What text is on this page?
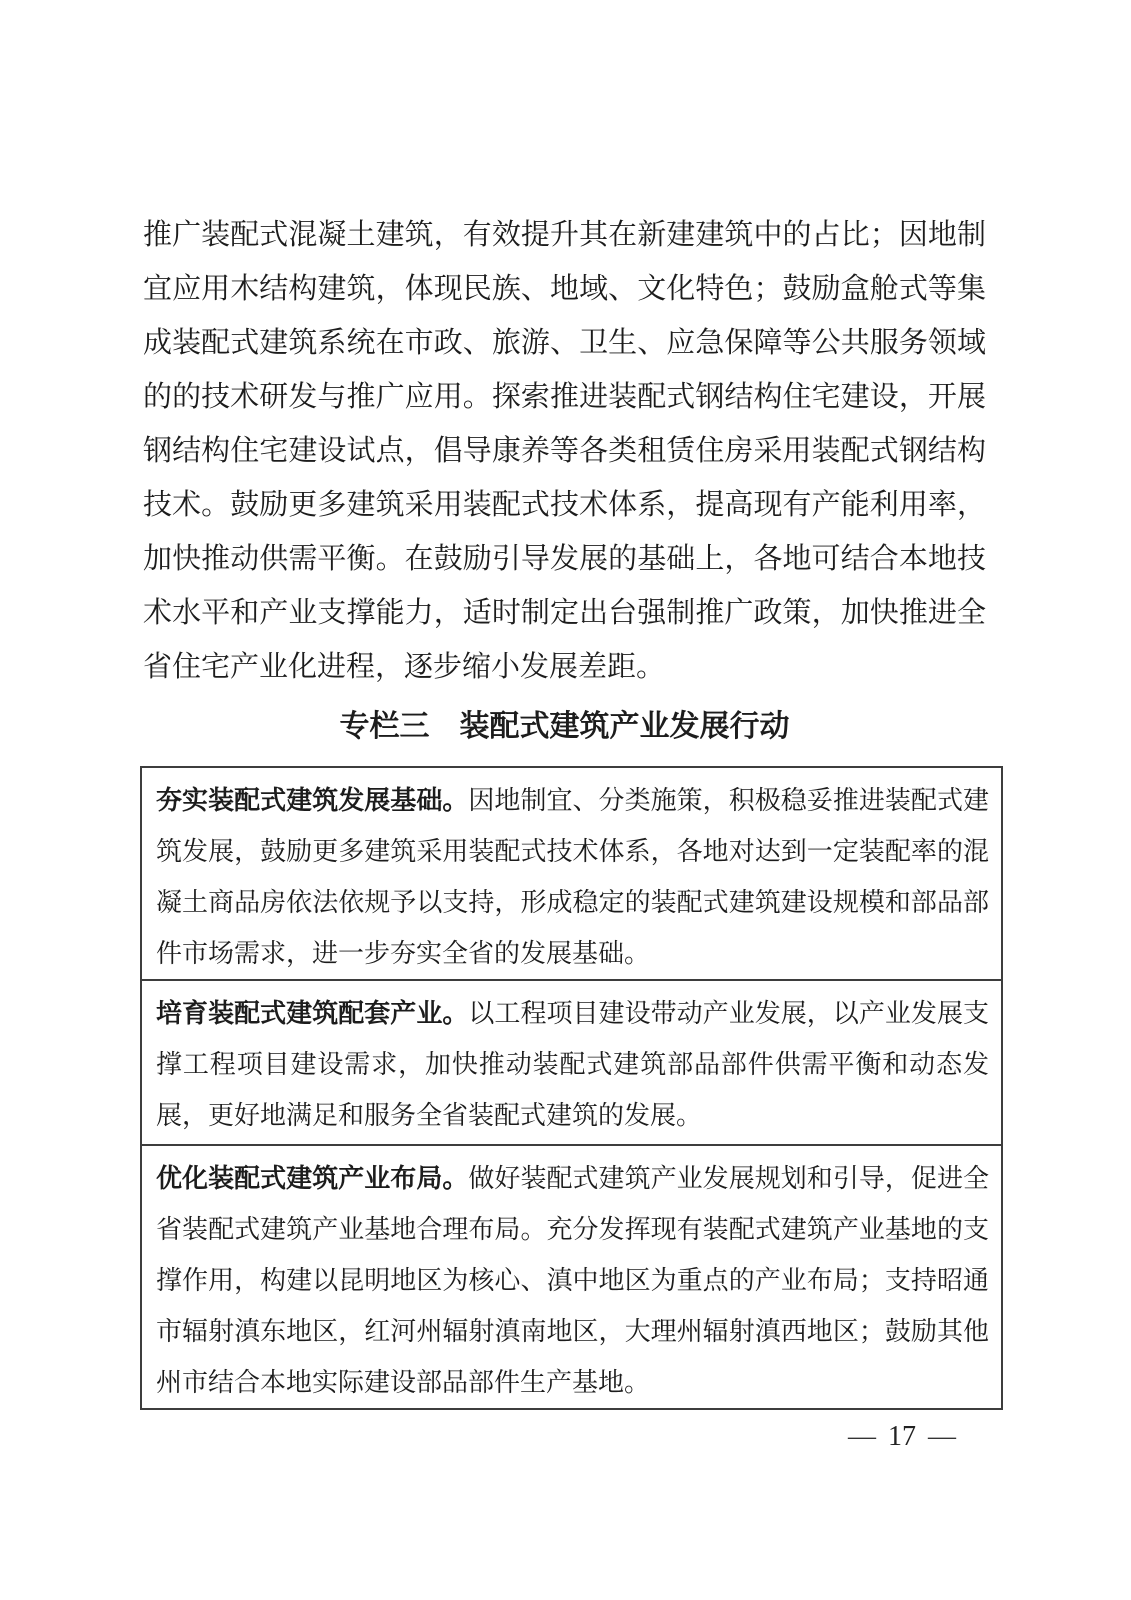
推广装配式混凝土建筑，有效提升其在新建建筑中的占比；因地制宜应用木结构建筑，体现民族、地域、文化特色；鼓励盒舱式等集成装配式建筑系统在市政、旅游、卫生、应急保障等公共服务领域的的技术研发与推广应用。探索推进装配式钢结构住宅建设，开展钢结构住宅建设试点，倡导康养等各类租赁住房采用装配式钢结构技术。鼓励更多建筑采用装配式技术体系，提高现有产能利用率，加快推动供需平衡。在鼓励引导发展的基础上，各地可结合本地技术水平和产业支撑能力，适时制定出台强制推广政策，加快推进全省住宅产业化进程，逐步缩小发展差距。
专栏三 装配式建筑产业发展行动
夯实装配式建筑发展基础。因地制宜、分类施策，积极稳妥推进装配式建筑发展，鼓励更多建筑采用装配式技术体系，各地对达到一定装配率的混凝土商品房依法依规予以支持，形成稳定的装配式建筑建设规模和部品部件市场需求，进一步夯实全省的发展基础。
培育装配式建筑配套产业。以工程项目建设带动产业发展，以产业发展支撑工程项目建设需求，加快推动装配式建筑部品部件供需平衡和动态发展，更好地满足和服务全省装配式建筑的发展。
优化装配式建筑产业布局。做好装配式建筑产业发展规划和引导，促进全省装配式建筑产业基地合理布局。充分发挥现有装配式建筑产业基地的支撑作用，构建以昆明地区为核心、滇中地区为重点的产业布局；支持昭通市辐射滇东地区，红河州辐射滇南地区，大理州辐射滇西地区；鼓励其他州市结合本地实际建设部品部件生产基地。
— 17 —
